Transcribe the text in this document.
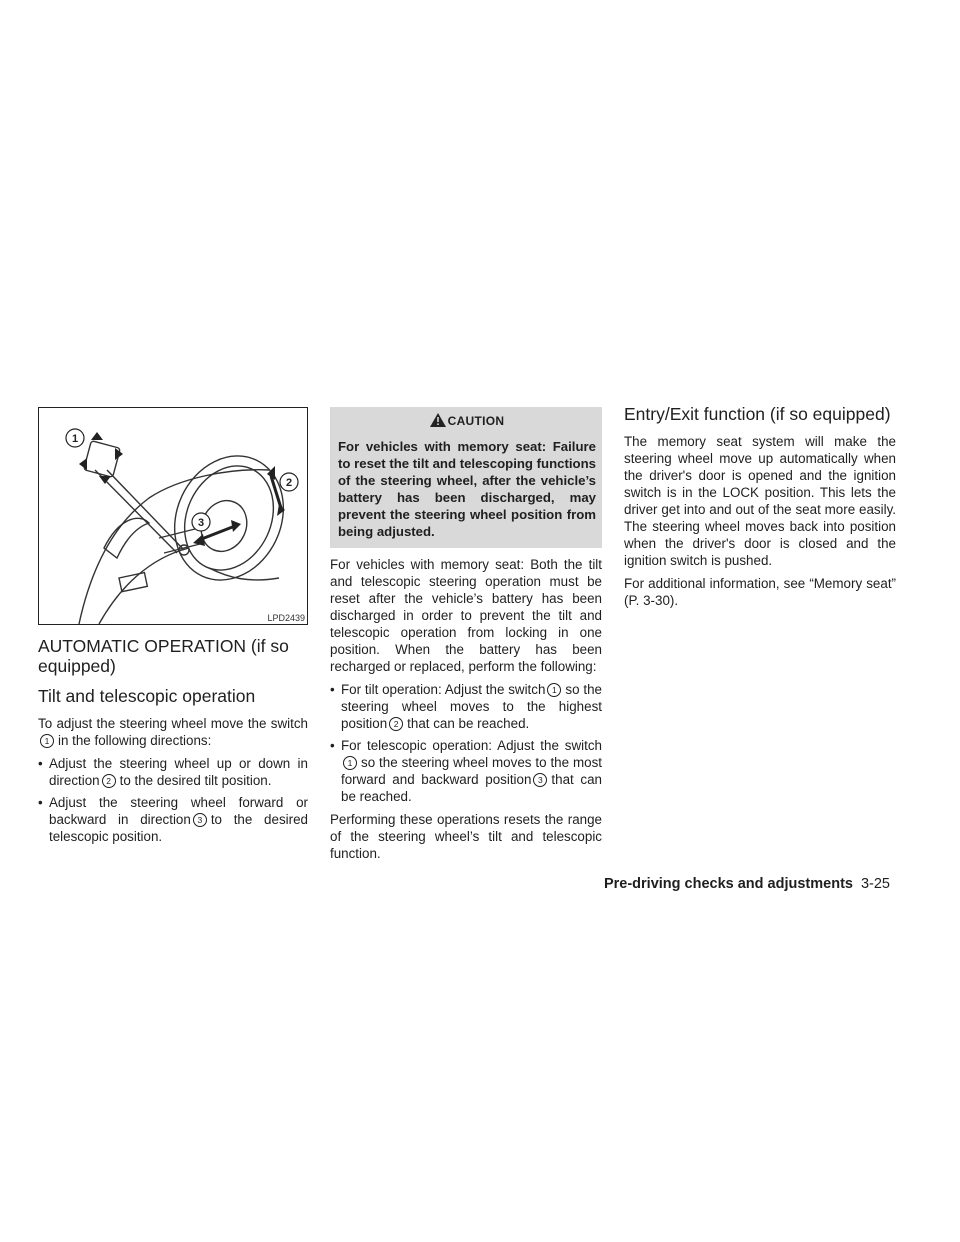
1
2
3
LPD2439
AUTOMATIC OPERATION (if so equipped)
Tilt and telescopic operation

To adjust the steering wheel move the switch1 in the following directions:

• Adjust the steering wheel up or down in direction 2 to the desired tilt position.
• Adjust the steering wheel forward or backward in direction 3 to the desired telescopic position.
CAUTION
For vehicles with memory seat: Failure to reset the tilt and telescoping functions of the steering wheel, after the vehicle’s battery has been discharged, may prevent the steering wheel position from being adjusted.

For vehicles with memory seat: Both the tilt and telescopic steering operation must be reset after the vehicle’s battery has been discharged in order to prevent the tilt and telescopic operation from locking in one position. When the battery has been recharged or replaced, perform the following:

• For tilt operation: Adjust the switch 1 so the steering wheel moves to the highest position 2 that can be reached.
• For telescopic operation: Adjust the switch1 so the steering wheel moves to the most forward and backward position 3 that can be reached.

Performing these operations resets the range of the steering wheel’s tilt and telescopic function.

Entry/Exit function (if so equipped)

The memory seat system will make the steering wheel move up automatically when the driver's door is opened and the ignition switch is in the LOCK position. This lets the driver get into and out of the seat more easily. The steering wheel moves back into position when the driver's door is closed and the ignition switch is pushed.

For additional information, see “Memory seat” (P. 3-30).

Pre-driving checks and adjustments 3-25
